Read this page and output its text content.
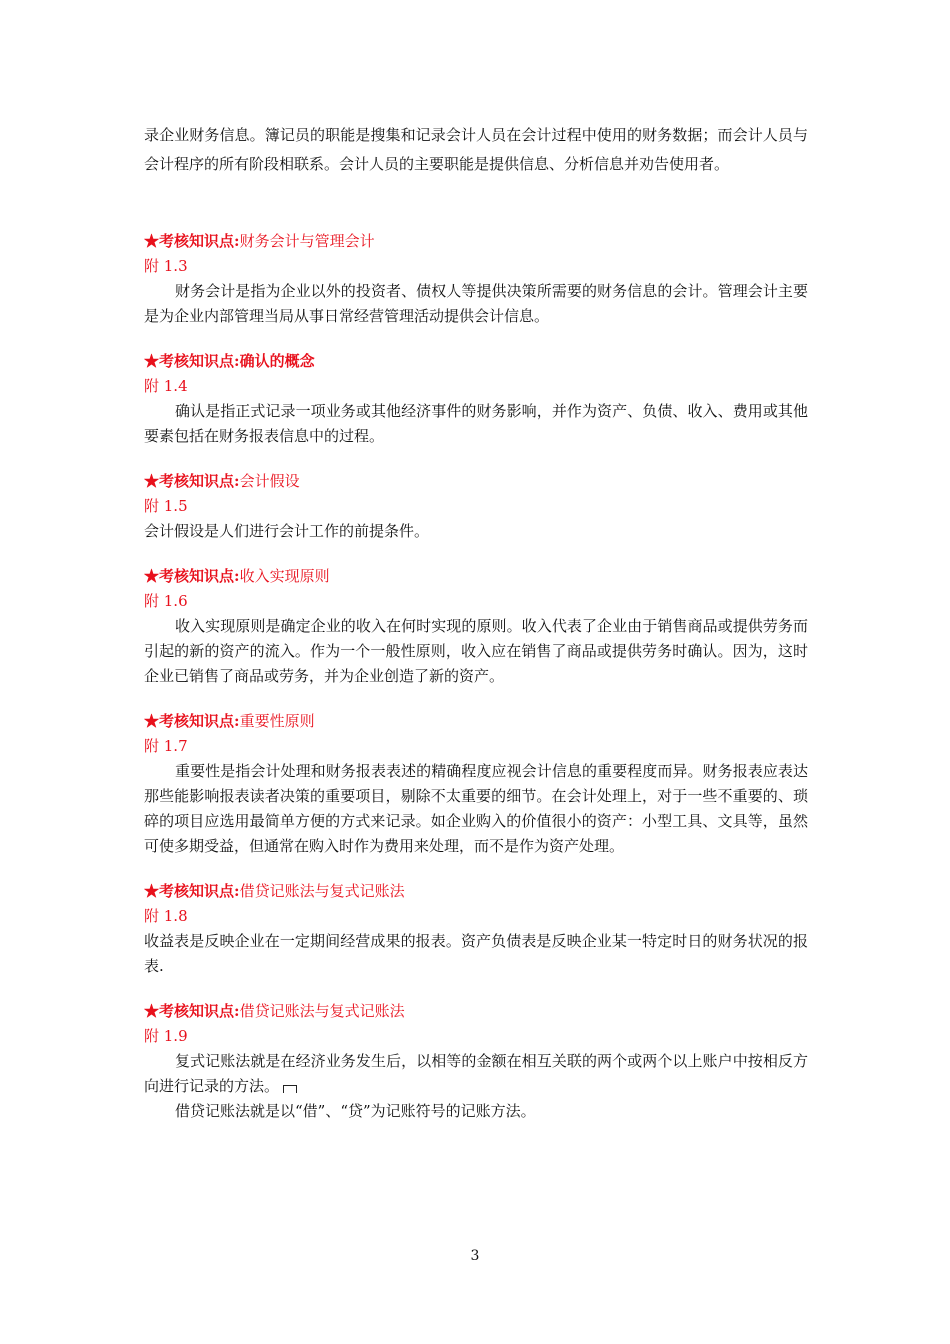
录企业财务信息。簿记员的职能是搜集和记录会计人员在会计过程中使用的财务数据；而会计人员与会计程序的所有阶段相联系。会计人员的主要职能是提供信息、分析信息并劝告使用者。

★考核知识点:财务会计与管理会计

附 1.3

财务会计是指为企业以外的投资者、债权人等提供决策所需要的财务信息的会计。管理会计主要是为企业内部管理当局从事日常经营管理活动提供会计信息。

★考核知识点:确认的概念

附 1.4

确认是指正式记录一项业务或其他经济事件的财务影响，并作为资产、负债、收入、费用或其他要素包括在财务报表信息中的过程。

★考核知识点:会计假设

附 1.5

会计假设是人们进行会计工作的前提条件。

★考核知识点:收入实现原则

附 1.6

收入实现原则是确定企业的收入在何时实现的原则。收入代表了企业由于销售商品或提供劳务而引起的新的资产的流入。作为一个一般性原则，收入应在销售了商品或提供劳务时确认。因为，这时企业已销售了商品或劳务，并为企业创造了新的资产。

★考核知识点:重要性原则

附 1.7

重要性是指会计处理和财务报表表述的精确程度应视会计信息的重要程度而异。财务报表应表达那些能影响报表读者决策的重要项目，剔除不太重要的细节。在会计处理上，对于一些不重要的、琐碎的项目应选用最简单方便的方式来记录。如企业购入的价值很小的资产：小型工具、文具等，虽然可使多期受益，但通常在购入时作为费用来处理，而不是作为资产处理。

★考核知识点:借贷记账法与复式记账法

附 1.8

收益表是反映企业在一定期间经营成果的报表。资产负债表是反映企业某一特定时日的财务状况的报表.

★考核知识点:借贷记账法与复式记账法

附 1.9

复式记账法就是在经济业务发生后，以相等的金额在相互关联的两个或两个以上账户中按相反方向进行记录的方法。

借贷记账法就是以“借”、“贷”为记账符号的记账方法。

3
